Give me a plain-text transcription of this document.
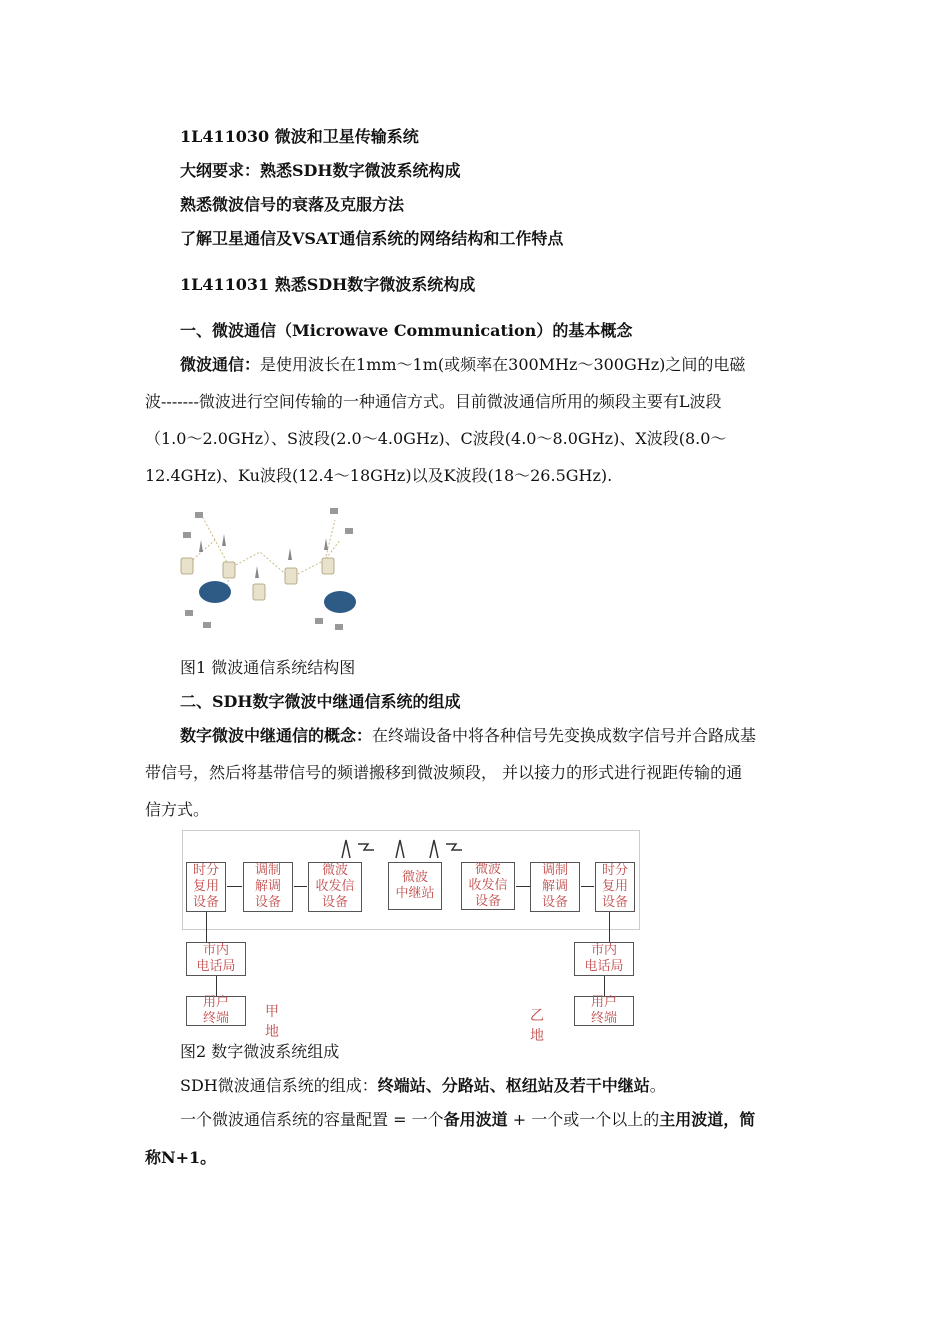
1L411030 微波和卫星传输系统
大纲要求：熟悉SDH数字微波系统构成
熟悉微波信号的衰落及克服方法
了解卫星通信及VSAT通信系统的网络结构和工作特点
1L411031 熟悉SDH数字微波系统构成
一、微波通信（Microwave Communication）的基本概念
微波通信：是使用波长在1mm～1m(或频率在300MHz～300GHz)之间的电磁
波-------微波进行空间传输的一种通信方式。目前微波通信所用的频段主要有L波段
（1.0～2.0GHz）、S波段(2.0～4.0GHz)、C波段(4.0～8.0GHz)、X波段(8.0～
12.4GHz)、Ku波段(12.4～18GHz)以及K波段(18～26.5GHz).
图1 微波通信系统结构图
二、SDH数字微波中继通信系统的组成
数字微波中继通信的概念：在终端设备中将各种信号先变换成数字信号并合路成基
带信号，然后将基带信号的频谱搬移到微波频段， 并以接力的形式进行视距传输的通
信方式。
时分
复用
设备
调制
解调
设备
微波
收发信
设备
微波
中继站
微波
收发信
设备
调制
解调
设备
时分
复用
设备
市内
电话局
市内
电话局
用户
终端
用户
终端
甲地
乙地
图2 数字微波系统组成
SDH微波通信系统的组成：终端站、分路站、枢纽站及若干中继站。
一个微波通信系统的容量配置 = 一个备用波道 + 一个或一个以上的主用波道，简
称N+1。
